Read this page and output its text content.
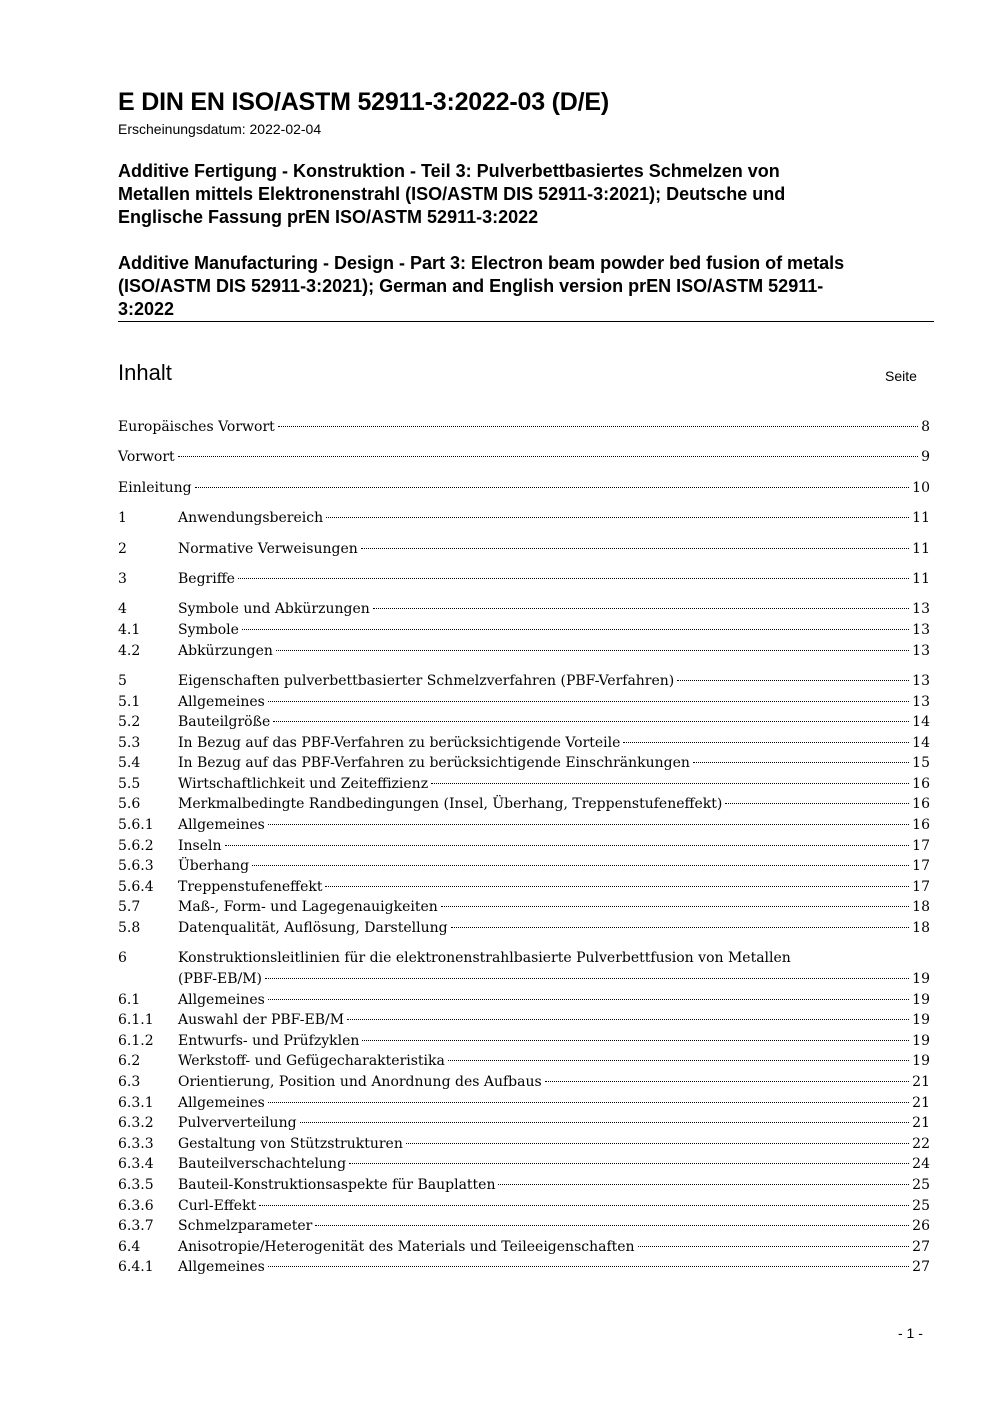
E DIN EN ISO/ASTM 52911-3:2022-03 (D/E)
Erscheinungsdatum: 2022-02-04
Additive Fertigung - Konstruktion - Teil 3: Pulverbettbasiertes Schmelzen von
Metallen mittels Elektronenstrahl (ISO/ASTM DIS 52911-3:2021); Deutsche und
Englische Fassung prEN ISO/ASTM 52911-3:2022
Additive Manufacturing - Design - Part 3: Electron beam powder bed fusion of metals
(ISO/ASTM DIS 52911-3:2021); German and English version prEN ISO/ASTM 52911-
3:2022
Inhalt	Seite
Europäisches Vorwort	8
Vorwort	9
Einleitung	10
1	Anwendungsbereich	11
2	Normative Verweisungen	11
3	Begriffe	11
4	Symbole und Abkürzungen	13
4.1	Symbole	13
4.2	Abkürzungen	13
5	Eigenschaften pulverbettbasierter Schmelzverfahren (PBF-Verfahren)	13
5.1	Allgemeines	13
5.2	Bauteilgröße	14
5.3	In Bezug auf das PBF-Verfahren zu berücksichtigende Vorteile	14
5.4	In Bezug auf das PBF-Verfahren zu berücksichtigende Einschränkungen	15
5.5	Wirtschaftlichkeit und Zeiteffizienz	16
5.6	Merkmalbedingte Randbedingungen (Insel, Überhang, Treppenstufeneffekt)	16
5.6.1	Allgemeines	16
5.6.2	Inseln	17
5.6.3	Überhang	17
5.6.4	Treppenstufeneffekt	17
5.7	Maß-, Form- und Lagegenauigkeiten	18
5.8	Datenqualität, Auflösung, Darstellung	18
6	Konstruktionsleitlinien für die elektronenstrahlbasierte Pulverbettfusion von Metallen
(PBF-EB/M)	19
6.1	Allgemeines	19
6.1.1	Auswahl der PBF-EB/M	19
6.1.2	Entwurfs- und Prüfzyklen	19
6.2	Werkstoff- und Gefügecharakteristika	19
6.3	Orientierung, Position und Anordnung des Aufbaus	21
6.3.1	Allgemeines	21
6.3.2	Pulververteilung	21
6.3.3	Gestaltung von Stützstrukturen	22
6.3.4	Bauteilverschachtelung	24
6.3.5	Bauteil-Konstruktionsaspekte für Bauplatten	25
6.3.6	Curl-Effekt	25
6.3.7	Schmelzparameter	26
6.4	Anisotropie/Heterogenität des Materials und Teileeigenschaften	27
6.4.1	Allgemeines	27
- 1 -
